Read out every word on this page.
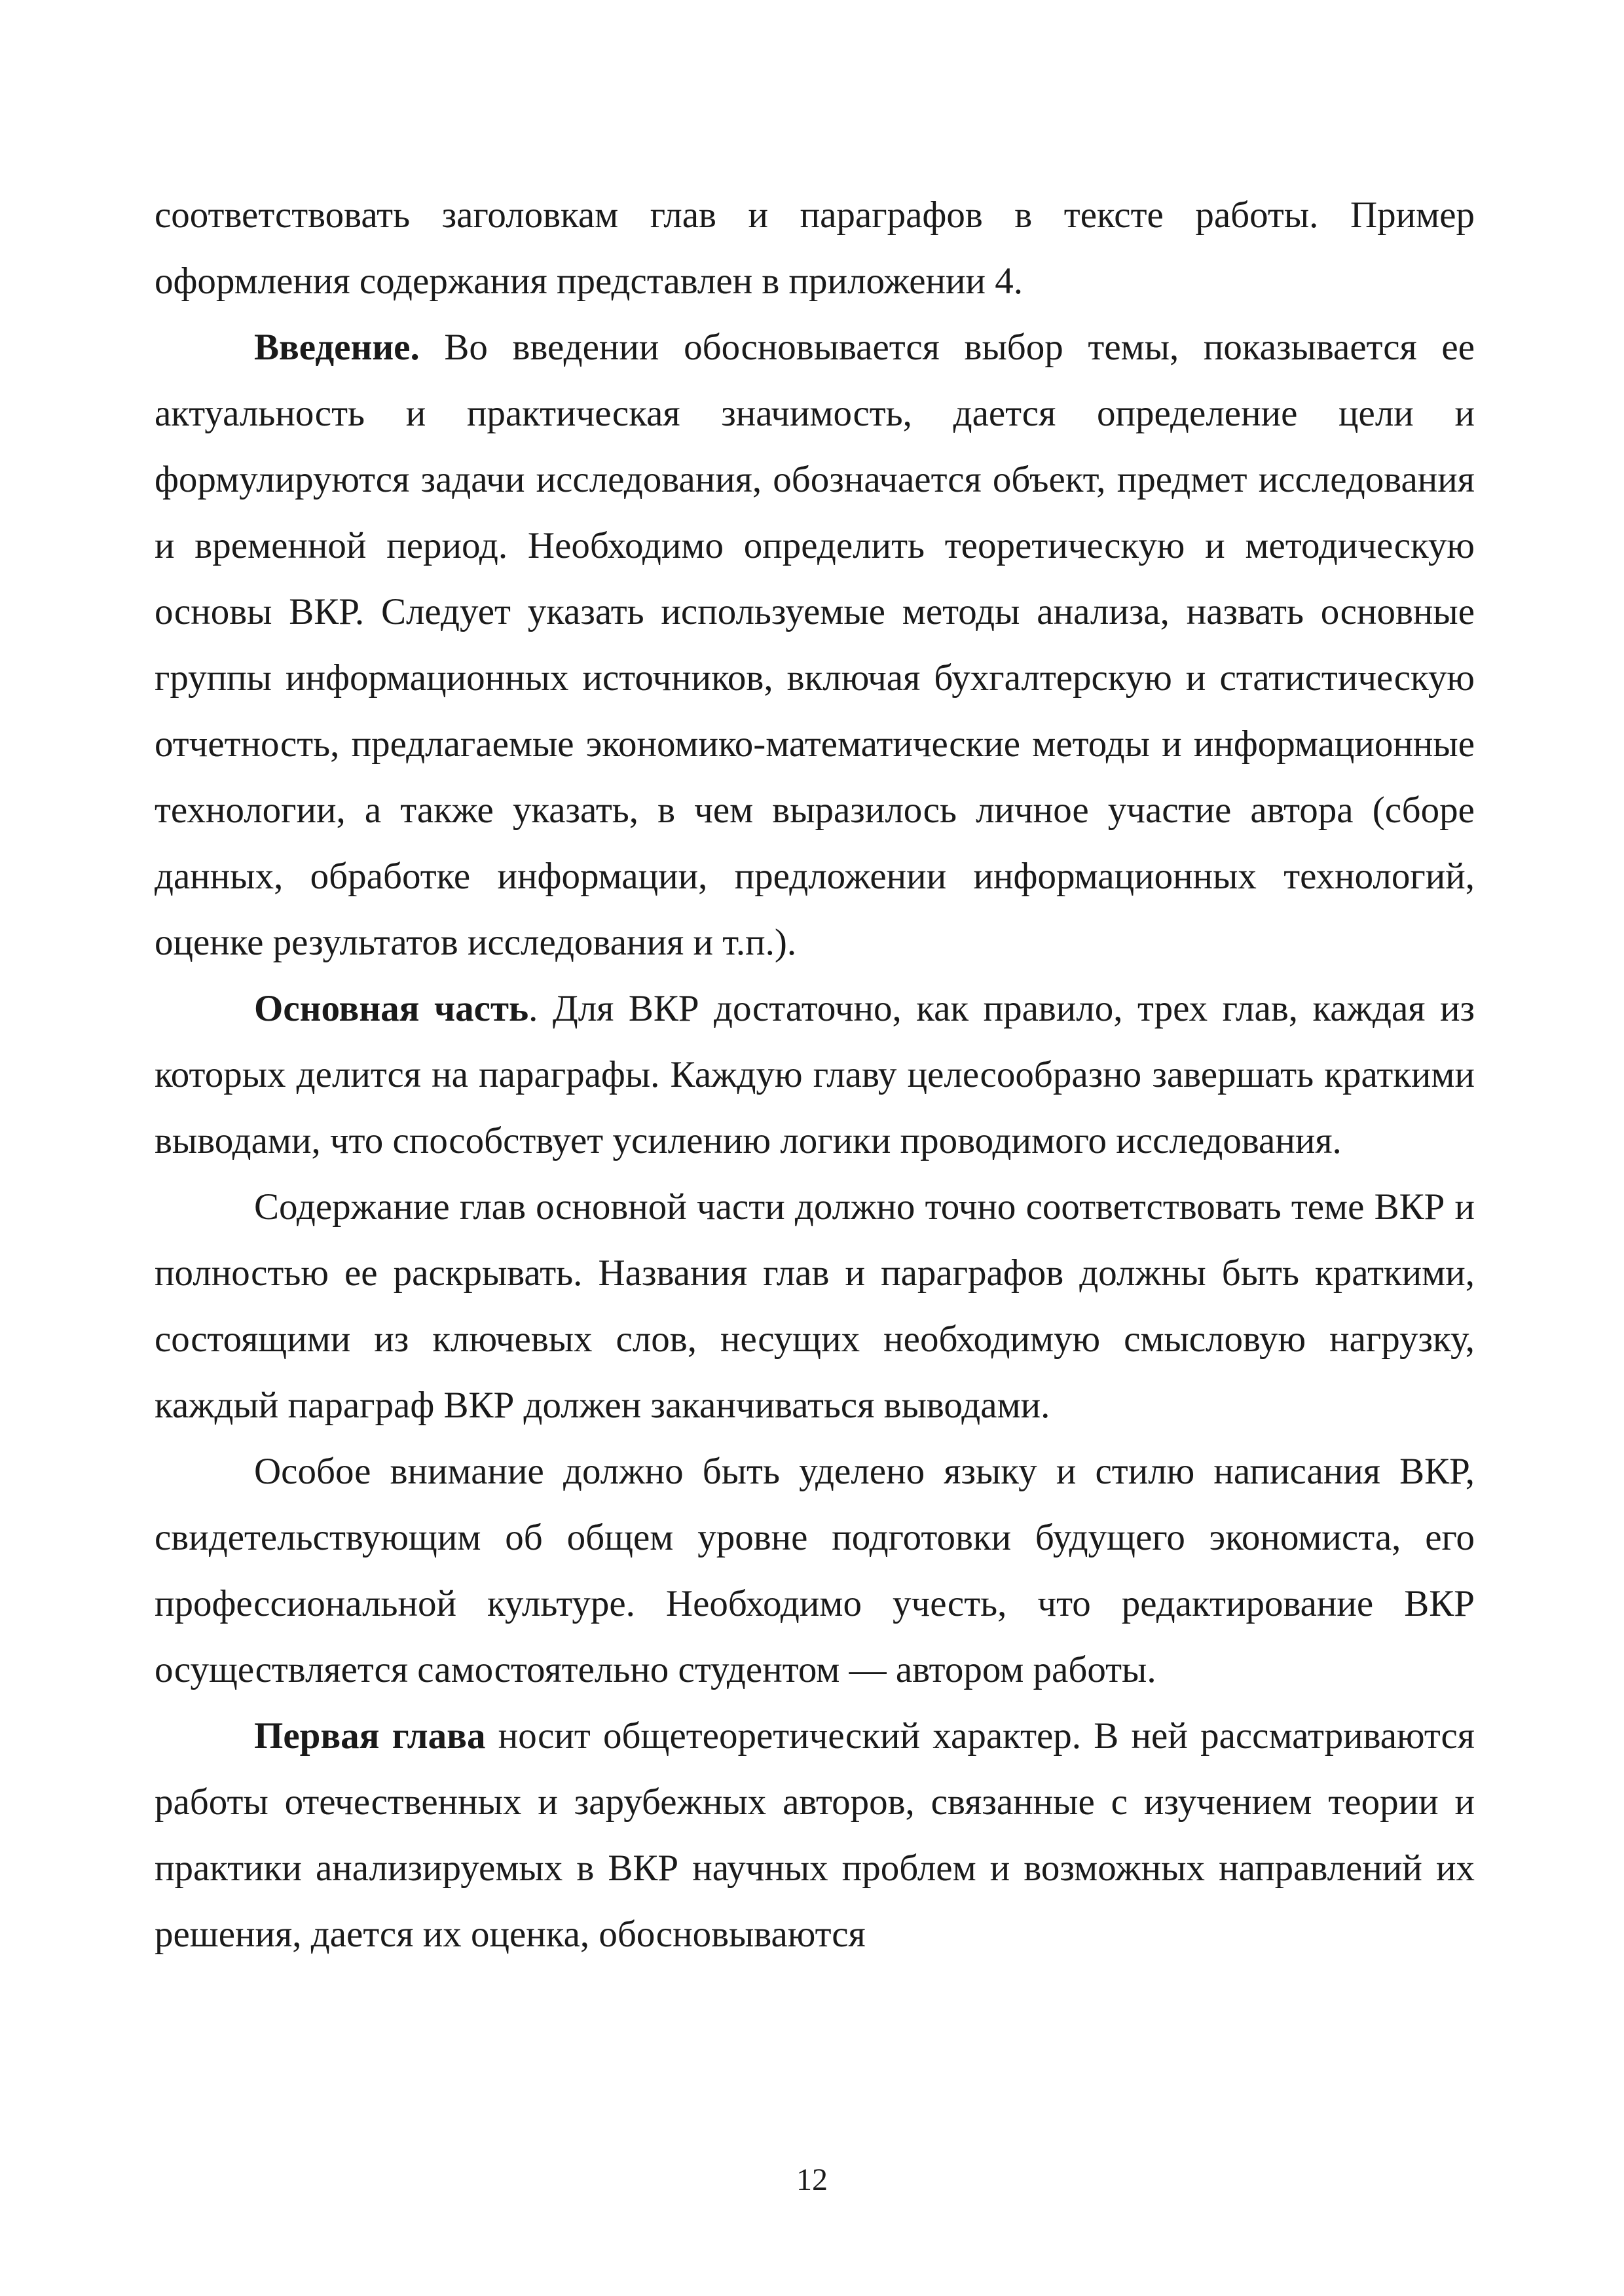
соответствовать заголовкам глав и параграфов в тексте работы. Пример оформления содержания представлен в приложении 4.

Введение. Во введении обосновывается выбор темы, показывается ее актуальность и практическая значимость, дается определение цели и формулируются задачи исследования, обозначается объект, предмет исследования и временной период. Необходимо определить теоретическую и методическую основы ВКР. Следует указать используемые методы анализа, назвать основные группы информационных источников, включая бухгалтерскую и статистическую отчетность, предлагаемые экономико-математические методы и информационные технологии, а также указать, в чем выразилось личное участие автора (сборе данных, обработке информации, предложении информационных технологий, оценке результатов исследования и т.п.).

Основная часть. Для ВКР достаточно, как правило, трех глав, каждая из которых делится на параграфы. Каждую главу целесообразно завершать краткими выводами, что способствует усилению логики проводимого исследования.

Содержание глав основной части должно точно соответствовать теме ВКР и полностью ее раскрывать. Названия глав и параграфов должны быть краткими, состоящими из ключевых слов, несущих необходимую смысловую нагрузку, каждый параграф ВКР должен заканчиваться выводами.

Особое внимание должно быть уделено языку и стилю написания ВКР, свидетельствующим об общем уровне подготовки будущего экономиста, его профессиональной культуре. Необходимо учесть, что редактирование ВКР осуществляется самостоятельно студентом — автором работы.

Первая глава носит общетеоретический характер. В ней рассматриваются работы отечественных и зарубежных авторов, связанные с изучением теории и практики анализируемых в ВКР научных проблем и возможных направлений их решения, дается их оценка, обосновываются

12
